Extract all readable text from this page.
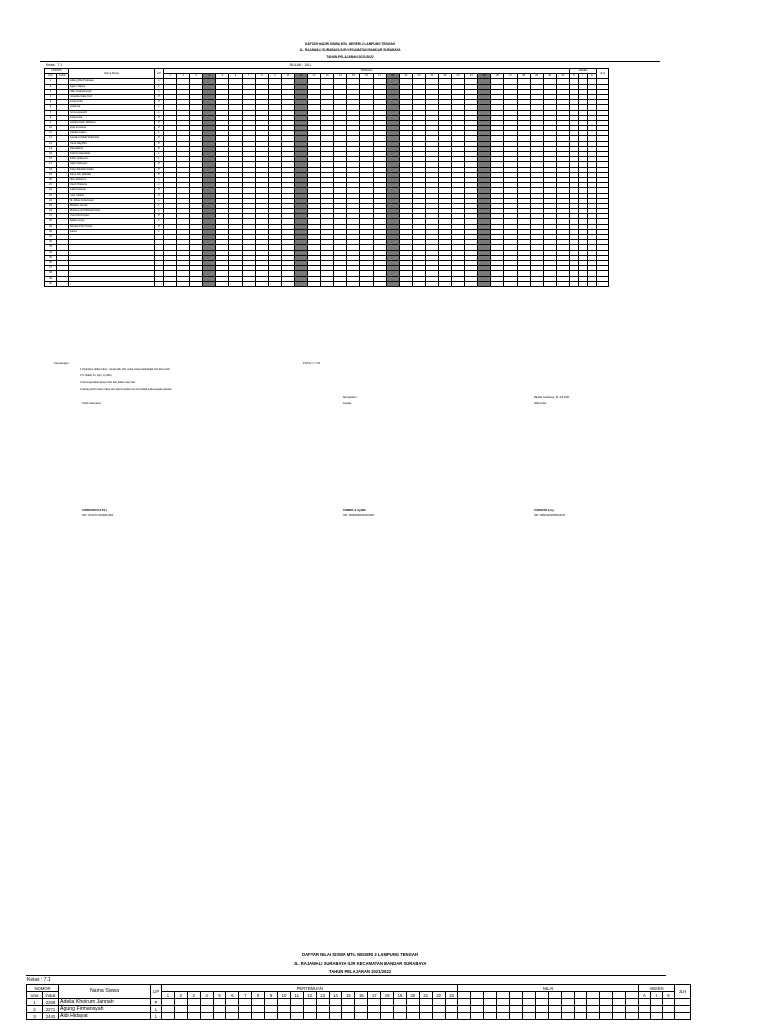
DAFTAR HADIR SISWA MTs. NEGERI 2 LAMPUNG TENGAH
JL. RAJAWALI SURABAYA ILIR KECAMATAN BANDAR SURABAYA
TAHUN PELAJARAN 2021/2022
Kelas : 7.1	BULAN : JULI
NOMOR		Nama Siswa	L/P	TANGGAL																															ABSEN			JLH
Urut	Induk			1	2	3	4	5	6	7	8	9	10	11	12	13	14	15	16	17	18	19	20	21	22	23	24	25	26	27	28	29	30	31	S	I	A	
1		Adang Ritu Prabawa	L																																			
2		Agam Wijaya	L																																			
3		Alfin Pradipansyah	L																																			
4		Amanda Aulia Putri	P																																			
5		Anisa Putri	P																																			
6		Ardiansa	L																																			
7		Ari Anugrayahi	L																																			
8		Aulia Anita	P																																			
9		Aulisha Dwin Widiawa	P																																			
10		Ayla Kurniana	P																																			
11		Cahlita Aditya	L																																			
12		Cantika Nabila Wulandari	P																																			
13		Cinta Maghfira	P																																			
14		Dila Alfiana	P																																			
15		Febrica Mandella	L																																			
16		Fahri Hidayat A.	L																																			
17		Fajrin Hidayani	P																																			
18		Fatty Zahidah Adelia	P																																			
19		Hirna Nur Wahidia	P																																			
20		Ihen Zaharum	L																																			
21		Fauzi Pratama	L																																			
22		Lala Pusandri	P																																			
23		Lelo Yulianti	P																																			
24		M. Akbar Ardiansyah	L																																			
25		Mhafiuz Jamali	L																																			
26		Muhammad Misbad Khoiri	L																																			
27		Yusuf Dwi Anjani	P																																			
28		Nailan Aulya	L																																			
29		Renata Putri Tamar	P																																			
30		Santo	L																																			
31		-																																				
32		-																																				
33		-																																				
34		-																																				
35		-																																				
36		-																																				
37		-																																				
38		-																																				
39		-																																				
40		-																																				
Keterangan :	PUTIH = L.35
1 Posisikan daftar tabel - tanda pilih diisi untuk siswa hadir/tidak hari libur ke/ln
2 S (Sakit) & I (Ijin), A (Alfa)
3 Semoga daftar absen diisi tiap dalam tiap hasi
4 Setiap akhir bulan rekap dan dipermainkan ke Guru/Wali pada kepala sekolah
Bandar Surabaya, 31 Juli 2021
Mengetahui
Kepala	Wali Kelas,
Tatah Sekretaris
SUPRIYANTO,S.Pd.I
NIP. 197407172009011004
SUMEDI, S.Ag.MM
NIP. 196909081997031004
SUMARTO,S.Ag
NIP. 198011192005012004
DAFTAR NILAI SISWA MTs. NEGERI 2 LAMPUNG TENGAH
JL. RAJAWALI SURABAYA ILIR KECAMATAN BANDAR SURABAYA
TAHUN PELAJARAN 2021/2022
Kelas : 7.1
NOMOR		Nama Siswa	L/P	PERTEMUAN																							NILAI														ABSEN			JLH
Urut	Induk			1	2	3	4	5	6	7	8	9	10	11	12	13	14	15	16	17	18	19	20	21	22	23															A	I	S	
1	2268	Adelia Khoirum Jannah	P																																									
2	2271	Agung Firmansyah	L																																									
3	2442	Aldi Hidayat	L																																									
